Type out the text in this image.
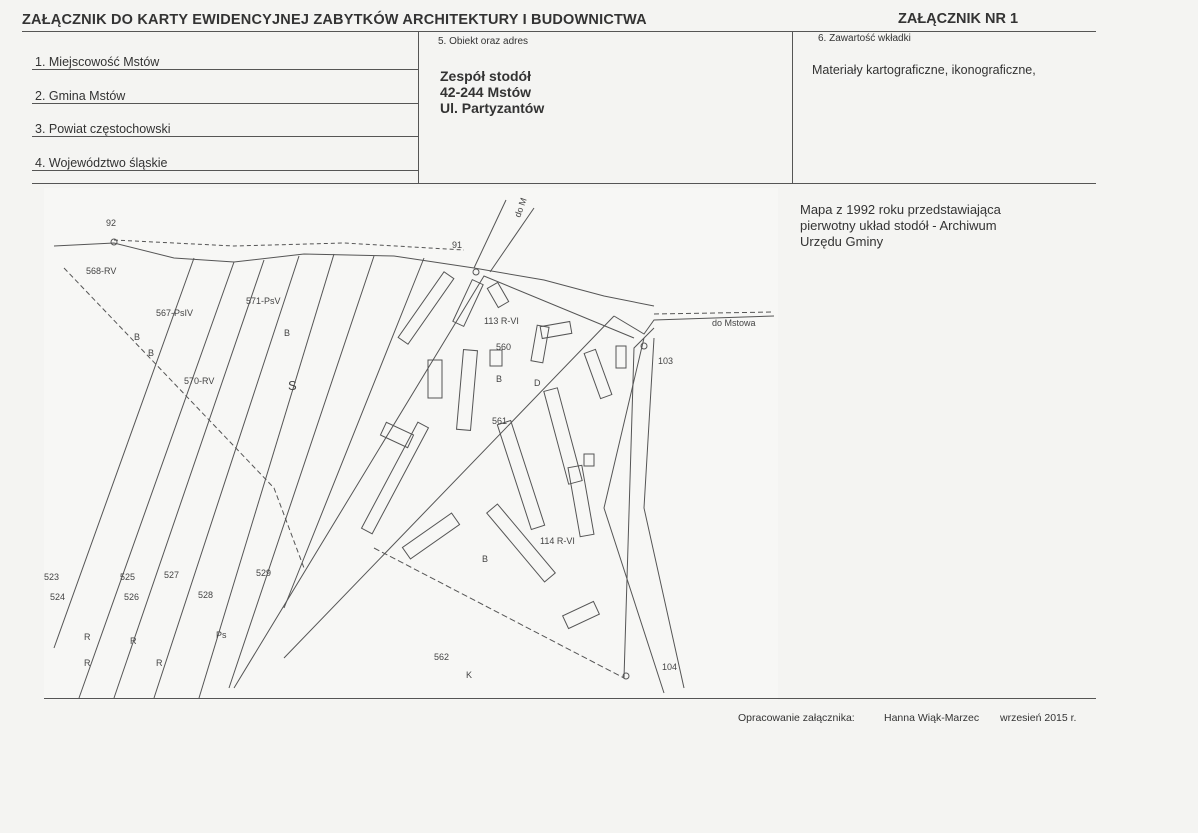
ZAŁĄCZNIK DO KARTY EWIDENCYJNEJ ZABYTKÓW ARCHITEKTURY I BUDOWNICTWA	ZAŁĄCZNIK NR 1
1. Miejscowość Mstów
2. Gmina Mstów
3. Powiat częstochowski
4. Województwo śląskie
5. Obiekt oraz adres
Zespół stodół
42-244 Mstów
Ul. Partyzantów
6. Zawartość wkładki
Materiały kartograficzne, ikonograficzne,
Mapa z 1992 roku przedstawiająca
pierwotny układ stodół - Archiwum
Urzędu Gminy
92
91
103
104
do M
do Mstowa
568-RV
567-PsIV
571-PsV
570-RV
113 R-VI
560
561
114 R-VI
562
523
524
525
526
527
528
529
B
B
B
B
B
S	D
R
R
R
R
Ps
K
Opracowanie załącznika:	Hanna Wiąk-Marzec wrzesień 2015 r.
